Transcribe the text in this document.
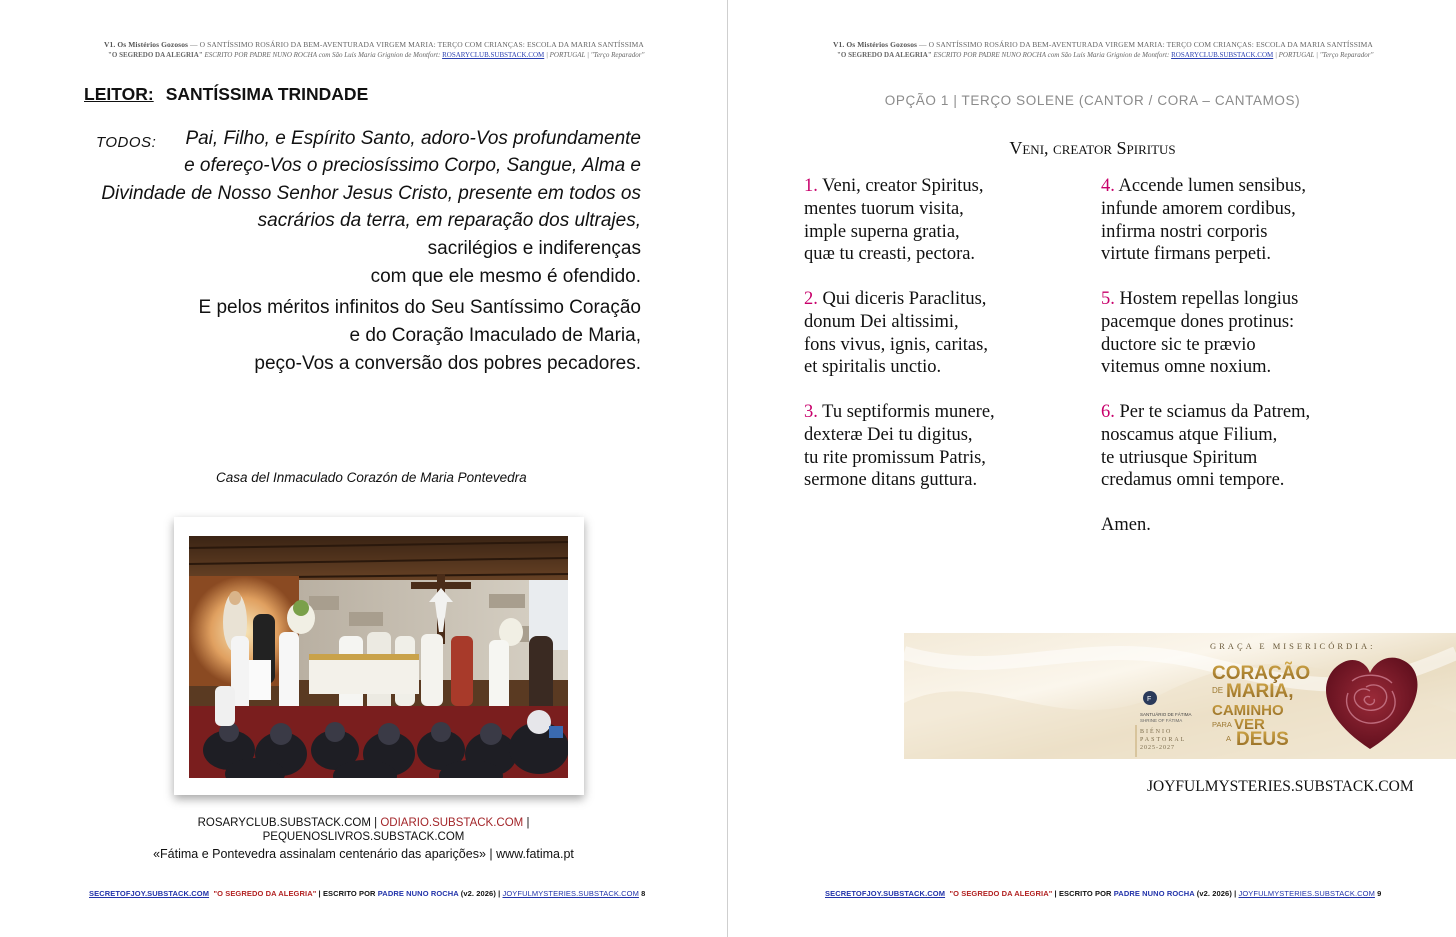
V1. Os Mistérios Gozosos — O SANTÍSSIMO ROSÁRIO DA BEM-AVENTURADA VIRGEM MARIA: TERÇO COM CRIANÇAS: ESCOLA DA MARIA SANTÍSSIMA
"O SEGREDO DA ALEGRIA" ESCRITO POR PADRE NUNO ROCHA com São Luís Maria Grignion de Montfort: ROSARYCLUB.SUBSTACK.COM | PORTUGAL | "Terço Reparador"
LEITOR: SANTÍSSIMA TRINDADE
TODOS: Pai, Filho, e Espírito Santo, adoro-Vos profundamente
e ofereço-Vos o preciosíssimo Corpo, Sangue, Alma e
Divindade de Nosso Senhor Jesus Cristo, presente em todos os
sacrários da terra, em reparação dos ultrajes,
sacrilégios e indiferenças
com que ele mesmo é ofendido.
E pelos méritos infinitos do Seu Santíssimo Coração
e do Coração Imaculado de Maria,
peço-Vos a conversão dos pobres pecadores.
Casa del Inmaculado Corazón de Maria Pontevedra
ROSARYCLUB.SUBSTACK.COM | ODIARIO.SUBSTACK.COM |
PEQUENOSLIVROS.SUBSTACK.COM
«Fátima e Pontevedra assinalam centenário das aparições» | www.fatima.pt
SECRETOFJOY.SUBSTACK.COM "O SEGREDO DA ALEGRIA" | ESCRITO POR PADRE NUNO ROCHA (v2. 2026) | JOYFULMYSTERIES.SUBSTACK.COM 8
V1. Os Mistérios Gozosos — O SANTÍSSIMO ROSÁRIO DA BEM-AVENTURADA VIRGEM MARIA: TERÇO COM CRIANÇAS: ESCOLA DA MARIA SANTÍSSIMA
"O SEGREDO DA ALEGRIA" ESCRITO POR PADRE NUNO ROCHA com São Luís Maria Grignion de Montfort: ROSARYCLUB.SUBSTACK.COM | PORTUGAL | "Terço Reparador"
OPÇÃO 1 | TERÇO SOLENE (CANTOR / CORA – CANTAMOS)
Veni, creator Spiritus
1. Veni, creator Spiritus,
mentes tuorum visita,
imple superna gratia,
quæ tu creasti, pectora.
2. Qui diceris Paraclitus,
donum Dei altissimi,
fons vivus, ignis, caritas,
et spiritalis unctio.
3. Tu septiformis munere,
dexteræ Dei tu digitus,
tu rite promissum Patris,
sermone ditans guttura.
4. Accende lumen sensibus,
infunde amorem cordibus,
infirma nostri corporis
virtute firmans perpeti.
5. Hostem repellas longius
pacemque dones protinus:
ductore sic te prævio
vitemus omne noxium.
6. Per te sciamus da Patrem,
noscamus atque Filium,
te utriusque Spiritum
credamus omni tempore.
Amen.
GRAÇA E MISERICÓRDIA:
CORAÇÃO
DE MARIA,
CAMINHO
PARA VER
A DEUS
F
SANTUÁRIO DE FÁTIMA
SHRINE OF FÁTIMA
BIÉNIO
PASTORAL
2025-2027
JOYFULMYSTERIES.SUBSTACK.COM
SECRETOFJOY.SUBSTACK.COM "O SEGREDO DA ALEGRIA" | ESCRITO POR PADRE NUNO ROCHA (v2. 2026) | JOYFULMYSTERIES.SUBSTACK.COM 9
